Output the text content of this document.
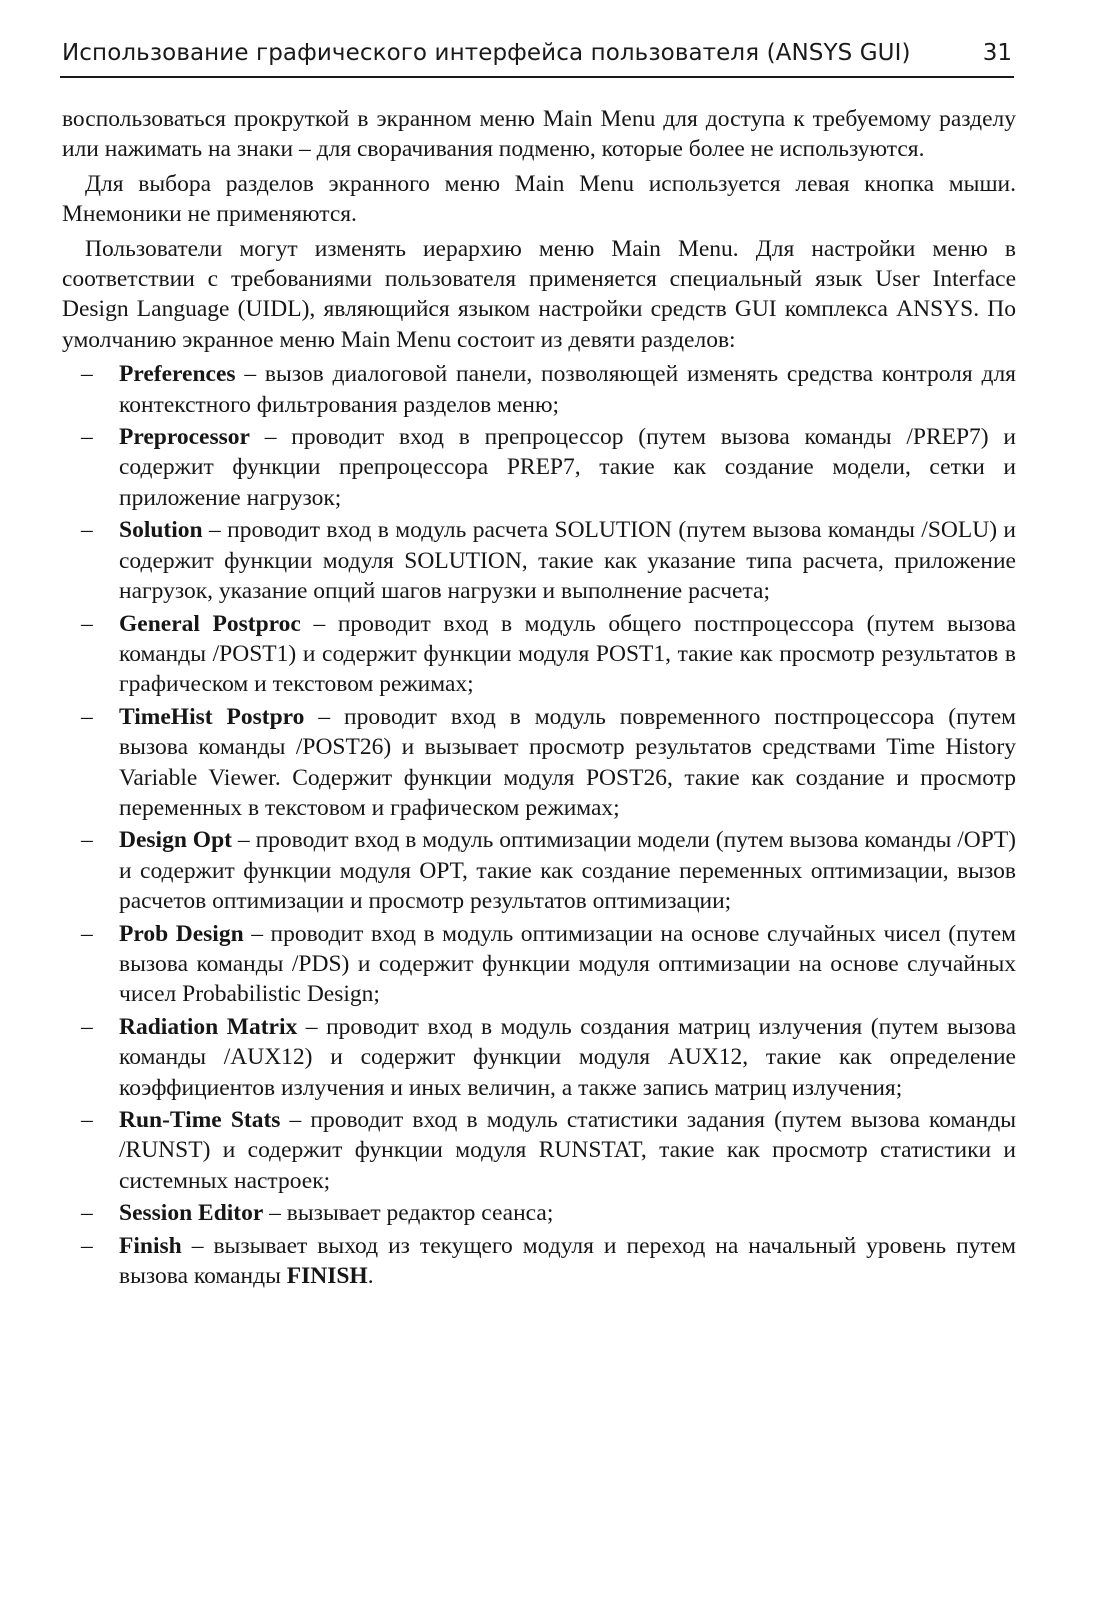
Использование графического интерфейса пользователя (ANSYS GUI)	31

воспользоваться прокруткой в экранном меню Main Menu для доступа к требуемому разделу или нажимать на знаки – для сворачивания подменю, которые более не используются.

Для выбора разделов экранного меню Main Menu используется левая кнопка мыши. Мнемоники не применяются.

Пользователи могут изменять иерархию меню Main Menu. Для настройки меню в соответствии с требованиями пользователя применяется специальный язык User Interface Design Language (UIDL), являющийся языком настройки средств GUI комплекса ANSYS. По умолчанию экранное меню Main Menu состоит из девяти разделов:

– Preferences – вызов диалоговой панели, позволяющей изменять средства контроля для контекстного фильтрования разделов меню;
– Preprocessor – проводит вход в препроцессор (путем вызова команды /PREP7) и содержит функции препроцессора PREP7, такие как создание модели, сетки и приложение нагрузок;
– Solution – проводит вход в модуль расчета SOLUTION (путем вызова команды /SOLU) и содержит функции модуля SOLUTION, такие как указание типа расчета, приложение нагрузок, указание опций шагов нагрузки и выполнение расчета;
– General Postproc – проводит вход в модуль общего постпроцессора (путем вызова команды /POST1) и содержит функции модуля POST1, такие как просмотр результатов в графическом и текстовом режимах;
– TimeHist Postpro – проводит вход в модуль повременного постпроцессора (путем вызова команды /POST26) и вызывает просмотр результатов средствами Time History Variable Viewer. Содержит функции модуля POST26, такие как создание и просмотр переменных в текстовом и графическом режимах;
– Design Opt – проводит вход в модуль оптимизации модели (путем вызова команды /OPT) и содержит функции модуля OPT, такие как создание переменных оптимизации, вызов расчетов оптимизации и просмотр результатов оптимизации;
– Prob Design – проводит вход в модуль оптимизации на основе случайных чисел (путем вызова команды /PDS) и содержит функции модуля оптимизации на основе случайных чисел Probabilistic Design;
– Radiation Matrix – проводит вход в модуль создания матриц излучения (путем вызова команды /AUX12) и содержит функции модуля AUX12, такие как определение коэффициентов излучения и иных величин, а также запись матриц излучения;
– Run-Time Stats – проводит вход в модуль статистики задания (путем вызова команды /RUNST) и содержит функции модуля RUNSTAT, такие как просмотр статистики и системных настроек;
– Session Editor – вызывает редактор сеанса;
– Finish – вызывает выход из текущего модуля и переход на начальный уровень путем вызова команды FINISH.
